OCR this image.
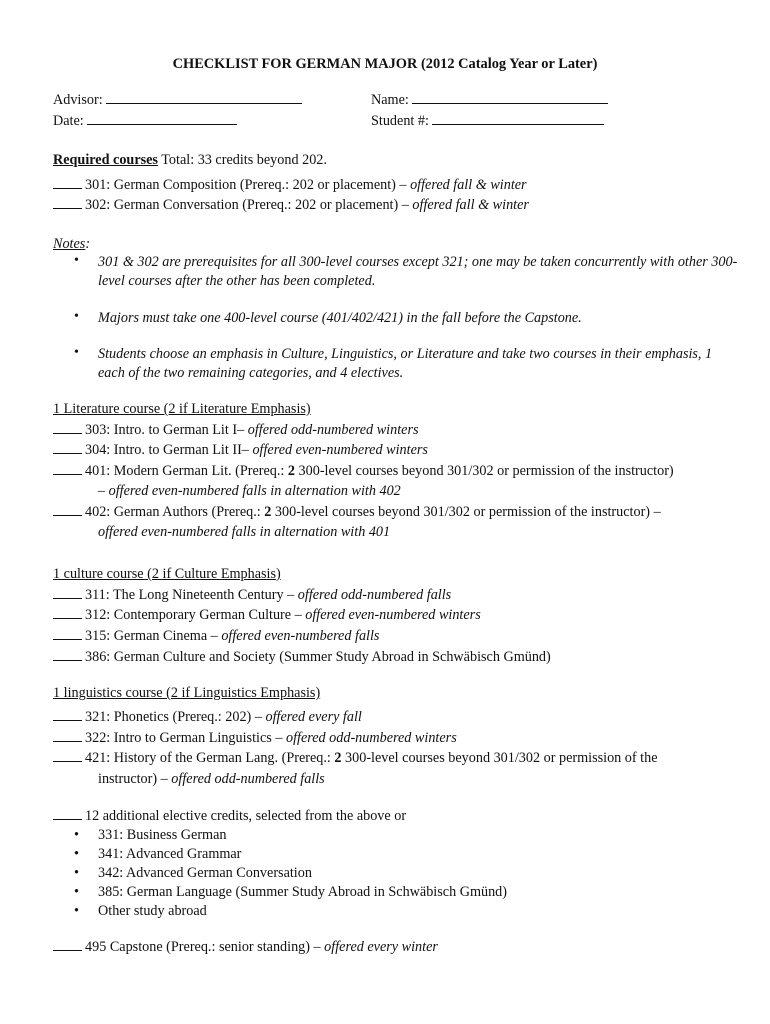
CHECKLIST FOR GERMAN MAJOR (2012 Catalog Year or Later)
Advisor:
Date:
Name:
Student #:
Required courses Total: 33 credits beyond 202.
301: German Composition (Prereq.: 202 or placement) – offered fall & winter
302: German Conversation (Prereq.: 202 or placement) – offered fall & winter
Notes:
• 301 & 302 are prerequisites for all 300-level courses except 321; one may be taken concurrently with other 300-level courses after the other has been completed.
• Majors must take one 400-level course (401/402/421) in the fall before the Capstone.
• Students choose an emphasis in Culture, Linguistics, or Literature and take two courses in their emphasis, 1 each of the two remaining categories, and 4 electives.
1 Literature course (2 if Literature Emphasis)
303: Intro. to German Lit I– offered odd-numbered winters
304: Intro. to German Lit II– offered even-numbered winters
401: Modern German Lit. (Prereq.: 2 300-level courses beyond 301/302 or permission of the instructor)
– offered even-numbered falls in alternation with 402
402: German Authors (Prereq.: 2 300-level courses beyond 301/302 or permission of the instructor) –
offered even-numbered falls in alternation with 401
1 culture course (2 if Culture Emphasis)
311: The Long Nineteenth Century – offered odd-numbered falls
312: Contemporary German Culture – offered even-numbered winters
315: German Cinema – offered even-numbered falls
386: German Culture and Society (Summer Study Abroad in Schwäbisch Gmünd)
1 linguistics course (2 if Linguistics Emphasis)
321: Phonetics (Prereq.: 202) – offered every fall
322: Intro to German Linguistics – offered odd-numbered winters
421: History of the German Lang. (Prereq.: 2 300-level courses beyond 301/302 or permission of the
instructor) – offered odd-numbered falls
12 additional elective credits, selected from the above or
• 331: Business German
• 341: Advanced Grammar
• 342: Advanced German Conversation
• 385: German Language (Summer Study Abroad in Schwäbisch Gmünd)
• Other study abroad
495 Capstone (Prereq.: senior standing) – offered every winter
